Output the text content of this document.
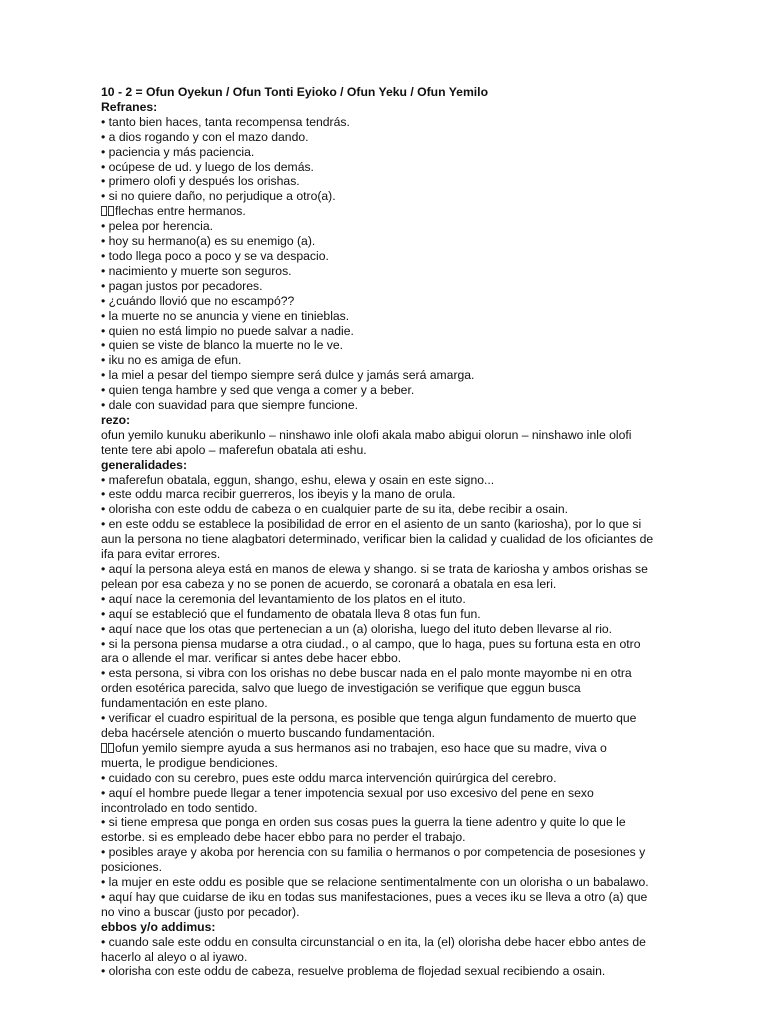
10 - 2 = Ofun Oyekun / Ofun Tonti Eyioko / Ofun Yeku / Ofun Yemilo
Refranes:
• tanto bien haces, tanta recompensa tendrás.
• a dios rogando y con el mazo dando.
• paciencia y más paciencia.
• ocúpese de ud. y luego de los demás.
• primero olofi y después los orishas.
• si no quiere daño, no perjudique a otro(a).
flechas entre hermanos.
• pelea por herencia.
• hoy su hermano(a) es su enemigo (a).
• todo llega poco a poco y se va despacio.
• nacimiento y muerte son seguros.
• pagan justos por pecadores.
• ¿cuándo llovió que no escampó??
• la muerte no se anuncia y viene en tinieblas.
• quien no está limpio no puede salvar a nadie.
• quien se viste de blanco la muerte no le ve.
• iku no es amiga de efun.
• la miel a pesar del tiempo siempre será dulce y jamás será amarga.
• quien tenga hambre y sed que venga a comer y a beber.
• dale con suavidad para que siempre funcione.
rezo:
ofun yemilo kunuku aberikunlo – ninshawo inle olofi akala mabo abigui olorun – ninshawo inle olofi
tente tere abi apolo – maferefun obatala ati eshu.
generalidades:
• maferefun obatala, eggun, shango, eshu, elewa y osain en este signo...
• este oddu marca recibir guerreros, los ibeyis y la mano de orula.
• olorisha con este oddu de cabeza o en cualquier parte de su ita, debe recibir a osain.
• en este oddu se establece la posibilidad de error en el asiento de un santo (kariosha), por lo que si
aun la persona no tiene alagbatori determinado, verificar bien la calidad y cualidad de los oficiantes de
ifa para evitar errores.
• aquí la persona aleya está en manos de elewa y shango. si se trata de kariosha y ambos orishas se
pelean por esa cabeza y no se ponen de acuerdo, se coronará a obatala en esa leri.
• aquí nace la ceremonia del levantamiento de los platos en el ituto.
• aquí se estableció que el fundamento de obatala lleva 8 otas fun fun.
• aquí nace que los otas que pertenecian a un (a) olorisha, luego del ituto deben llevarse al rio.
• si la persona piensa mudarse a otra ciudad., o al campo, que lo haga, pues su fortuna esta en otro
ara o allende el mar. verificar si antes debe hacer ebbo.
• esta persona, si vibra con los orishas no debe buscar nada en el palo monte mayombe ni en otra
orden esotérica parecida, salvo que luego de investigación se verifique que eggun busca
fundamentación en este plano.
• verificar el cuadro espiritual de la persona, es posible que tenga algun fundamento de muerto que
deba hacérsele atención o muerto buscando fundamentación.
ofun yemilo siempre ayuda a sus hermanos asi no trabajen, eso hace que su madre, viva o
muerta, le prodigue bendiciones.
• cuidado con su cerebro, pues este oddu marca intervención quirúrgica del cerebro.
• aquí el hombre puede llegar a tener impotencia sexual por uso excesivo del pene en sexo
incontrolado en todo sentido.
• si tiene empresa que ponga en orden sus cosas pues la guerra la tiene adentro y quite lo que le
estorbe. si es empleado debe hacer ebbo para no perder el trabajo.
• posibles araye y akoba por herencia con su familia o hermanos o por competencia de posesiones y
posiciones.
• la mujer en este oddu es posible que se relacione sentimentalmente con un olorisha o un babalawo.
• aquí hay que cuidarse de iku en todas sus manifestaciones, pues a veces iku se lleva a otro (a) que
no vino a buscar (justo por pecador).
ebbos y/o addimus:
• cuando sale este oddu en consulta circunstancial o en ita, la (el) olorisha debe hacer ebbo antes de
hacerlo al aleyo o al iyawo.
• olorisha con este oddu de cabeza, resuelve problema de flojedad sexual recibiendo a osain.
